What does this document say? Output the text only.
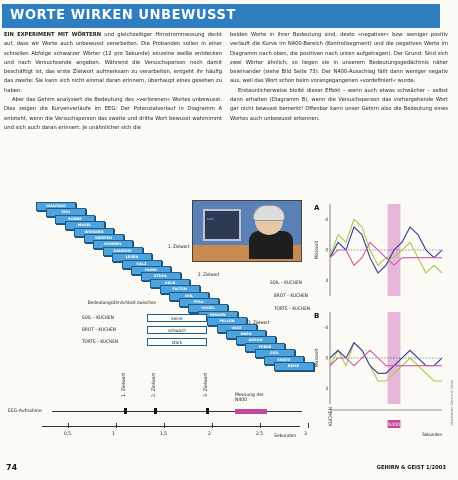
WORTE WIRKEN UNBEWUSST

EIN EXPERIMENT MIT WÖRTERN und gleichzeitiger Hirnstrommessung deckt auf, dass wir Worte auch unbewusst verarbeiten. Die Probanden sollen in einer schnellen Abfolge schwarzer Wörter (12 pro Sekunde) einzelne weiße entdecken und nach Versuchsende angeben. Während die Versuchsperson noch damit beschäftigt ist, das erste Zielwort aufmerksam zu verarbeiten, entgeht ihr häufig das zweite: Sie kann sich nicht einmal daran erinnern, überhaupt eines gesehen zu haben.

Aber das Gehirn analysiert die Bedeutung des »verlorenen« Wortes unbewusst. Dies zeigen die Kurvenverläufe im EEG: Der Potenzialverlauf in Diagramm A entsteht, wenn die Versuchsperson das zweite und dritte Wort bewusst wahrnimmt und sich auch daran erinnert. Je unähnlicher sich die

beiden Worte in ihrer Bedeutung sind, desto »negativer« bzw. weniger positiv verläuft die Kurve im N400-Bereich (Kontrollsegment) und die negativen Werte im Diagramm nach oben, die positiven nach unten aufgetragen). Der Grund: Sind sich zwei Wörter ähnlich, so liegen sie in unserem Bedeutungsgedächtnis näher beieinander (siehe Bild Seite 73). Der N400-Ausschlag fällt dann weniger negativ aus, weil das Wort schon beim vorangegangenen »vordefiniert« wurde.

Erstaunlicherweise bleibt dieser Effekt – wenn auch etwas schwächer – selbst dann erhalten (Diagramm B), wenn die Versuchsperson das vorhergehende Wort gar nicht bewusst bemerkt! Offenbar kann unser Gehirn also die Bedeutung eines Wortes auch unbewusst erkennen.

WALFANG
TAXI
ROBBE
MASEL
WEIGERN
WERFEN
KÜMMEL
RANDUM
LESEN
SALZ
HUND
STUHL
GELB
FALTEN
SEIL
PFAU
VOGEL
PARKEN
MILLEN
VASE
OBEN
ANZUG
FEBER
SEIL
ERNTE
REISE
1. Zielwort
2. Zielwort
3. Zielwort
SOIL – KUCHEN
BROT – KUCHEN
TORTE – KUCHEN
Bedeutungsähnlichkeit zwischen
SOIL – KUCHEN	keine
BROT – KUCHEN	schwach
TORTE – KUCHEN	stark
TAXI
EEG-Aufnahme
1. Zielwort	2. Zielwort	3. Zielwort	Messung der N400
0,5	1	1,5	2	2,5	3
Sekunden
A
-4
0
4
Mikrovolt
B
-4
0
4
Mikrovolt
N400
KUCHEN
Sekunden
74	GEHIRN & GEIST 1/2003
Illustration Gehirn & Geist
